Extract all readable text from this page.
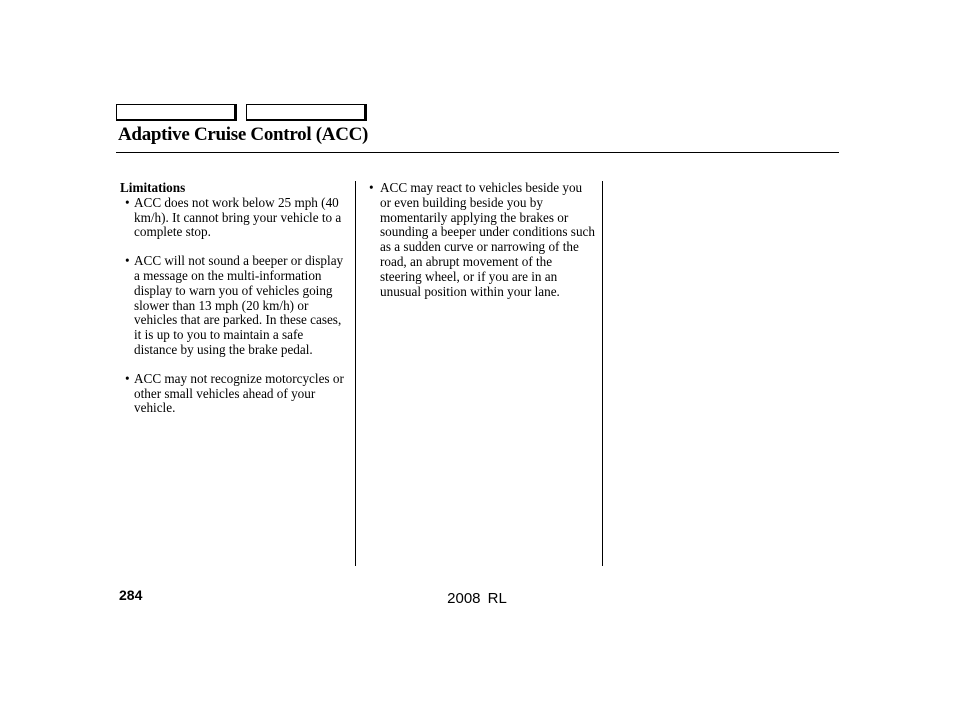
Adaptive Cruise Control (ACC)
Limitations
• ACC does not work below 25 mph (40 km/h). It cannot bring your vehicle to a complete stop.
• ACC will not sound a beeper or display a message on the multi-information display to warn you of vehicles going slower than 13 mph (20 km/h) or vehicles that are parked. In these cases, it is up to you to maintain a safe distance by using the brake pedal.
• ACC may not recognize motorcycles or other small vehicles ahead of your vehicle.
• ACC may react to vehicles beside you or even building beside you by momentarily applying the brakes or sounding a beeper under conditions such as a sudden curve or narrowing of the road, an abrupt movement of the steering wheel, or if you are in an unusual position within your lane.
284	2008 RL
